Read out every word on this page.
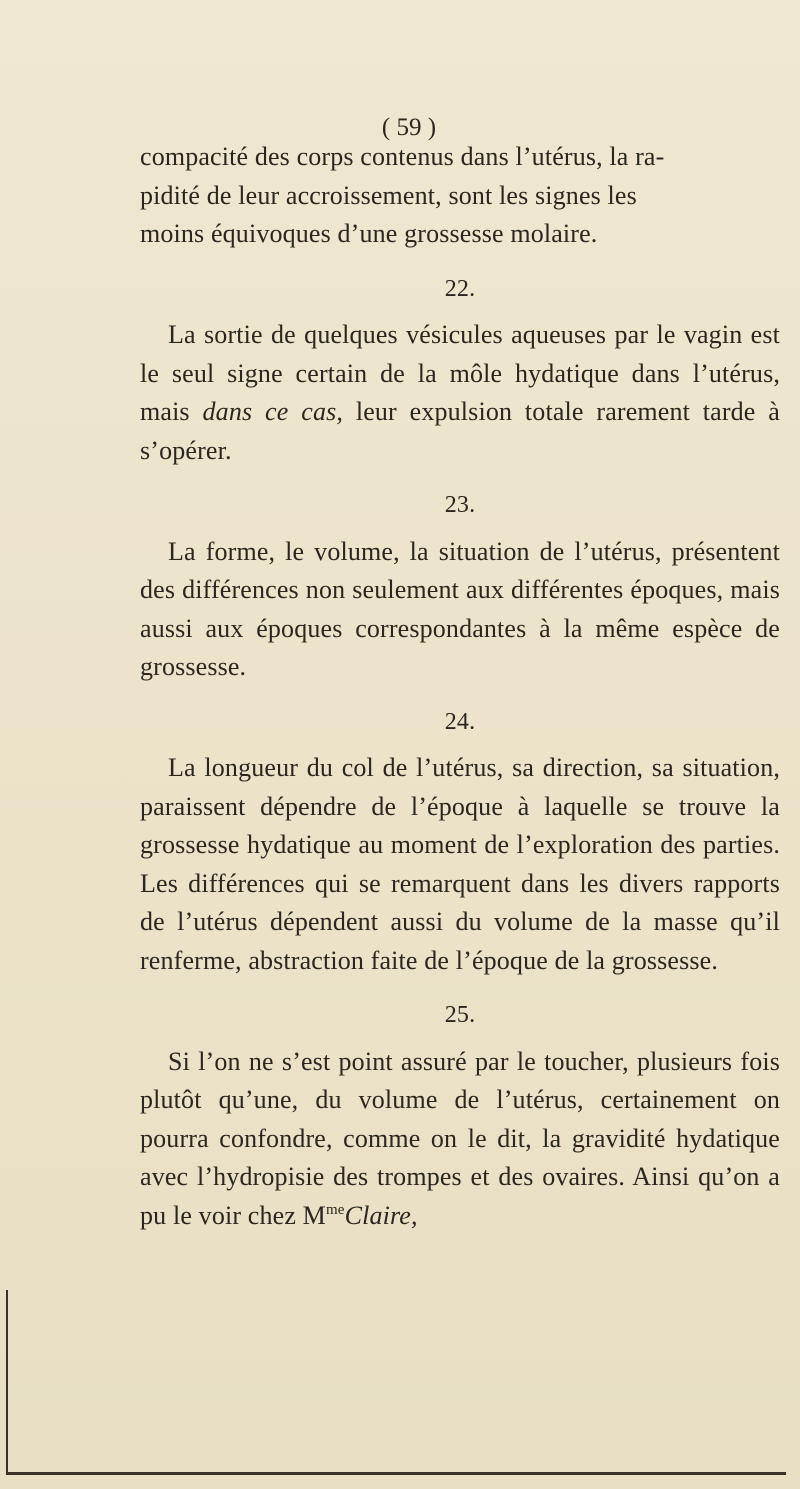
( 59 )

compacité des corps contenus dans l’utérus, la ra-
pidité de leur accroissement, sont les signes les
moins équivoques d’une grossesse molaire.

22.

La sortie de quelques vésicules aqueuses par le vagin est le seul signe certain de la môle hydatique dans l’utérus, mais dans ce cas, leur expulsion totale rarement tarde à s’opérer.

23.

La forme, le volume, la situation de l’utérus, présentent des différences non seulement aux différentes époques, mais aussi aux époques correspondantes à la même espèce de grossesse.

24.

La longueur du col de l’utérus, sa direction, sa situation, paraissent dépendre de l’époque à laquelle se trouve la grossesse hydatique au moment de l’exploration des parties. Les différences qui se remarquent dans les divers rapports de l’utérus dépendent aussi du volume de la masse qu’il renferme, abstraction faite de l’époque de la grossesse.

25.

Si l’on ne s’est point assuré par le toucher, plusieurs fois plutôt qu’une, du volume de l’utérus, certainement on pourra confondre, comme on le dit, la gravidité hydatique avec l’hydropisie des trompes et des ovaires. Ainsi qu’on a pu le voir chez $M^{me}Claire$,
